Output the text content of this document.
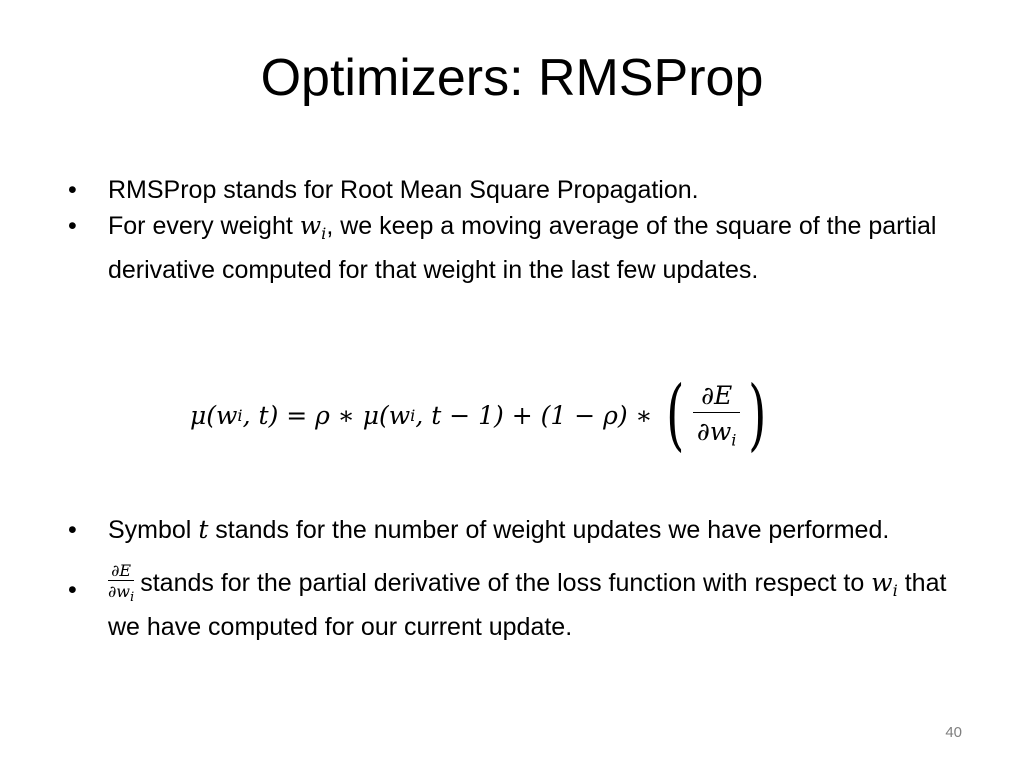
Optimizers: RMSProp
• RMSProp stands for Root Mean Square Propagation.
• For every weight $w_i$, we keep a moving average of the square of the partial derivative computed for that weight in the last few updates.
μ( w i , t) = ρ ∗ μ( w i , t − 1) + (1 − ρ) ∗ ( $\frac{\partial E}{\partial w_i}$ )
• Symbol t stands for the number of weight updates we have performed.
• $\frac{\partial E}{\partial w_i}$ stands for the partial derivative of the loss function with respect to $w_i$ that we have computed for our current update.
40
